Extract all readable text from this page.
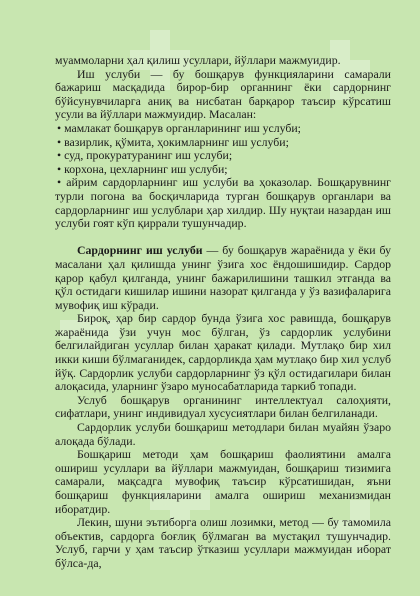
муаммоларни ҳал қилиш усуллари, йўллари мажмуидир.

Иш услуби — бу бошқарув функцияларини самарали бажариш масқадида бирор-бир органнинг ёки сардорнинг бўйсунувчиларга аниқ ва нисбатан барқарор таъсир кўрсатиш усули ва йўллари мажмуидир. Масалан:

• мамлакат бошқарув органларининг иш услуби;

• вазирлик, қўмита, ҳокимларнинг иш услуби;

• суд, прокуратуранинг иш услуби;

• корхона, цехларнинг иш услуби;

• айрим сардорларнинг иш услуби ва ҳоказолар. Бошқарувнинг турли погона ва босқичларида турган бошқарув органлари ва сардорларнинг иш услублари ҳар хилдир. Шу нуқтаи назардан иш услуби гоят кўп қиррали тушунчадир.

Сардорнинг иш услуби — бу бошқарув жараёнида у ёки бу масалани ҳал қилишда унинг ўзига хос ёндошишидир. Сардор қарор қабул қилганда, унинг бажарилишини ташкил этганда ва қўл остидаги кишилар ишини назорат қилганда у ўз вазифаларига мувофиқ иш кўради.

Бироқ, ҳар бир сардор бунда ўзига хос равишда, бошқарув жараёнида ўзи учун мос бўлган, ўз сардорлик услубини белгилайдиган усуллар билан ҳаракат қилади. Мутлақо бир хил икки киши бўлмаганидек, сардорликда ҳам мутлақо бир хил услуб йўқ. Сардорлик услуби сардорларнинг ўз қўл остидагилари билан алоқасида, уларнинг ўзаро муносабатларида таркиб топади.

Услуб бошқарув органининг интеллектуал салоҳияти, сифатлари, унинг индивидуал хусусиятлари билан белгиланади.

Сардорлик услуби бошқариш методлари билан муайян ўзаро алоқада бўлади.

Бошқариш методи ҳам бошқариш фаолиятини амалга ошириш усуллари ва йўллари мажмуидан, бошқариш тизимига самарали, мақсадга мувофиқ таъсир кўрсатишидан, яъни бошқариш функцияларини амалга ошириш механизмидан иборатдир.

Лекин, шуни эътиборга олиш лозимки, метод — бу тамомила объектив, сардорга боғлиқ бўлмаган ва мустақил тушунчадир. Услуб, гарчи у ҳам таъсир ўтказиш усуллари мажмуидан иборат бўлса-да,
